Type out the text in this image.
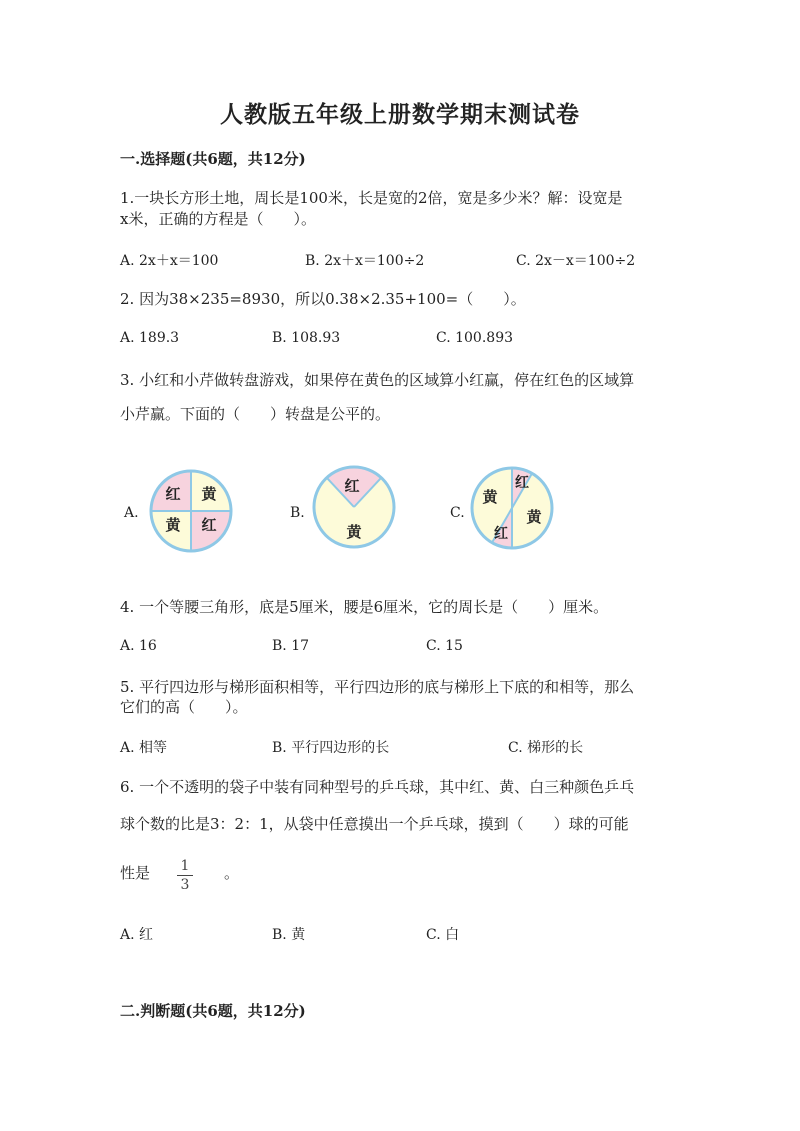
人教版五年级上册数学期末测试卷
一.选择题(共6题，共12分)
1.一块长方形土地，周长是100米，长是宽的2倍，宽是多少米？解：设宽是
x米，正确的方程是（　　）。
A. 2x＋x＝100	B. 2x＋x＝100÷2	C. 2x－x＝100÷2
2. 因为38×235=8930，所以0.38×2.35+100=（　　）。
A. 189.3	B. 108.93	C. 100.893
3. 小红和小芹做转盘游戏，如果停在黄色的区域算小红赢，停在红色的区域算
小芹赢。下面的（　　）转盘是公平的。
A.	B.	C.
红 黄
黄 红
红
黄
红
黄
黄
红
4. 一个等腰三角形，底是5厘米，腰是6厘米，它的周长是（　　）厘米。
A. 16	B. 17	C. 15
5. 平行四边形与梯形面积相等，平行四边形的底与梯形上下底的和相等，那么
它们的高（　　）。
A. 相等	B. 平行四边形的长	C. 梯形的长
6. 一个不透明的袋子中装有同种型号的乒乓球，其中红、黄、白三种颜色乒乓
球个数的比是3：2：1，从袋中任意摸出一个乒乓球，摸到（　　）球的可能
性是	1
3
。
A. 红	B. 黄	C. 白
二.判断题(共6题，共12分)
